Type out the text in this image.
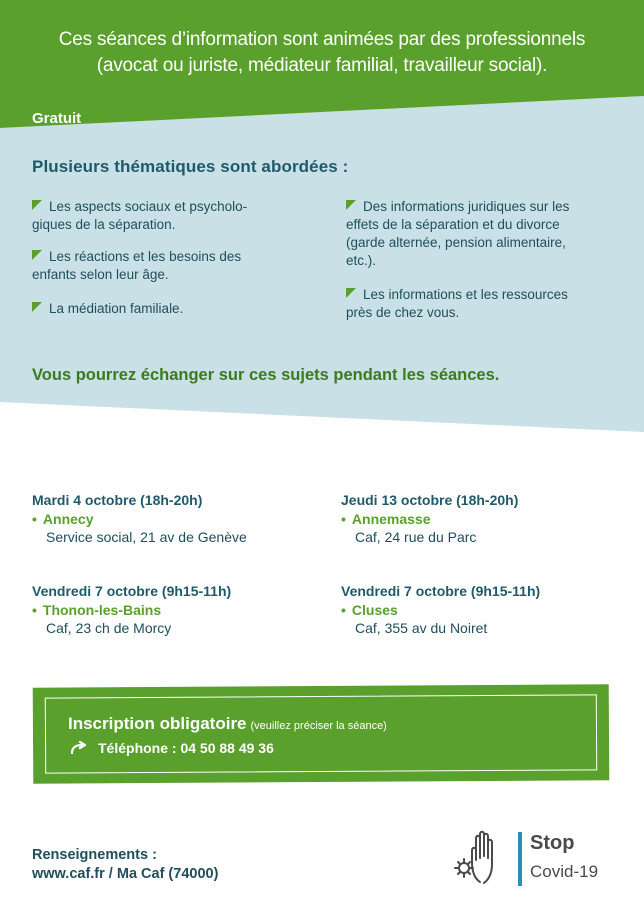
Ces séances d’information sont animées par des professionnels
(avocat ou juriste, médiateur familial, travailleur social).
Gratuit
Plusieurs thématiques sont abordées :
Les aspects sociaux et psycholo-
giques de la séparation.
Les réactions et les besoins des
enfants selon leur âge.
La médiation familiale.
Des informations juridiques sur les
effets de la séparation et du divorce
(garde alternée, pension alimentaire,
etc.).
Les informations et les ressources
près de chez vous.
Vous pourrez échanger sur ces sujets pendant les séances.
Mardi 4 octobre (18h-20h)
• Annecy
Service social, 21 av de Genève
Jeudi 13 octobre (18h-20h)
• Annemasse
Caf, 24 rue du Parc
Vendredi 7 octobre (9h15-11h)
• Thonon-les-Bains
Caf, 23 ch de Morcy
Vendredi 7 octobre (9h15-11h)
• Cluses
Caf, 355 av du Noiret
Inscription obligatoire (veuillez préciser la séance)
Téléphone : 04 50 88 49 36
Renseignements :
www.caf.fr / Ma Caf (74000)
Stop
Covid-19
